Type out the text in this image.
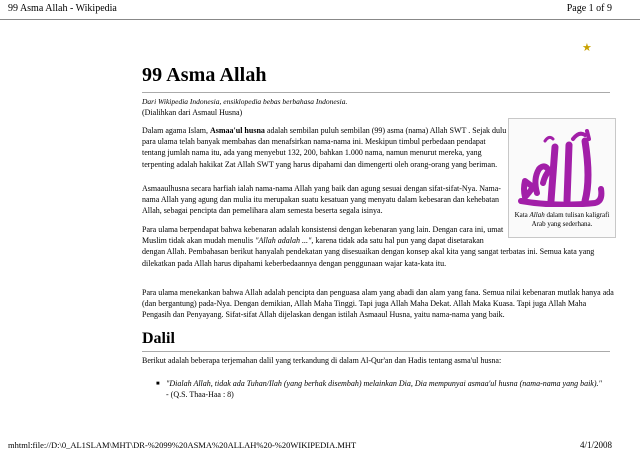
99 Asma Allah - Wikipedia	Page 1 of 9
★
99 Asma Allah
Dari Wikipedia Indonesia, ensiklopedia bebas berbahasa Indonesia.
(Dialihkan dari Asmaul Husna)

Dalam agama Islam, Asmaa'ul husna adalah sembilan puluh sembilan (99) asma (nama) Allah SWT . Sejak dulu para ulama telah banyak membahas dan menafsirkan nama-nama ini. Meskipun timbul perbedaan pendapat tentang jumlah nama itu, ada yang menyebut 132, 200, bahkan 1.000 nama, namun menurut mereka, yang terpenting adalah hakikat Zat Allah SWT yang harus dipahami dan dimengerti oleh orang-orang yang beriman.

Asmaaulhusna secara harfiah ialah nama-nama Allah yang baik dan agung sesuai dengan sifat-sifat-Nya. Nama-nama Allah yang agung dan mulia itu merupakan suatu kesatuan yang menyatu dalam kebesaran dan kehebatan Allah, sebagai pencipta dan pemelihara alam semesta beserta segala isinya.

Para ulama berpendapat bahwa kebenaran adalah konsistensi dengan kebenaran yang lain. Dengan cara ini, umat Muslim tidak akan mudah menulis "Allah adalah ...", karena tidak ada satu hal pun yang dapat disetarakan dengan Allah. Pembahasan berikut hanyalah pendekatan yang disesuaikan dengan konsep akal kita yang sangat terbatas ini. Semua kata yang dilekatkan pada Allah harus dipahami keberbedaannya dengan penggunaan wajar kata-kata itu.

Para ulama menekankan bahwa Allah adalah pencipta dan penguasa alam yang abadi dan alam yang fana. Semua nilai kebenaran mutlak hanya ada (dan bergantung) pada-Nya. Dengan demikian, Allah Maha Tinggi. Tapi juga Allah Maha Dekat. Allah Maka Kuasa. Tapi juga Allah Maha Pengasih dan Penyayang. Sifat-sifat Allah dijelaskan dengan istilah Asmaaul Husna, yaitu nama-nama yang baik.

Kata Allah dalam tulisan kaligrafi Arab yang sederhana.
Dalil
Berikut adalah beberapa terjemahan dalil yang terkandung di dalam Al-Qur'an dan Hadis tentang asma'ul husna:
■ "Dialah Allah, tidak ada Tuhan/Ilah (yang berhak disembah) melainkan Dia, Dia mempunyai asmaa'ul husna (nama-nama yang baik)." - (Q.S. Thaa-Haa : 8)
mhtml:file://D:\0_AL1SLAM\MHT\DR-%2099%20ASMA%20ALLAH%20-%20WIKIPEDIA.MHT	4/1/2008
